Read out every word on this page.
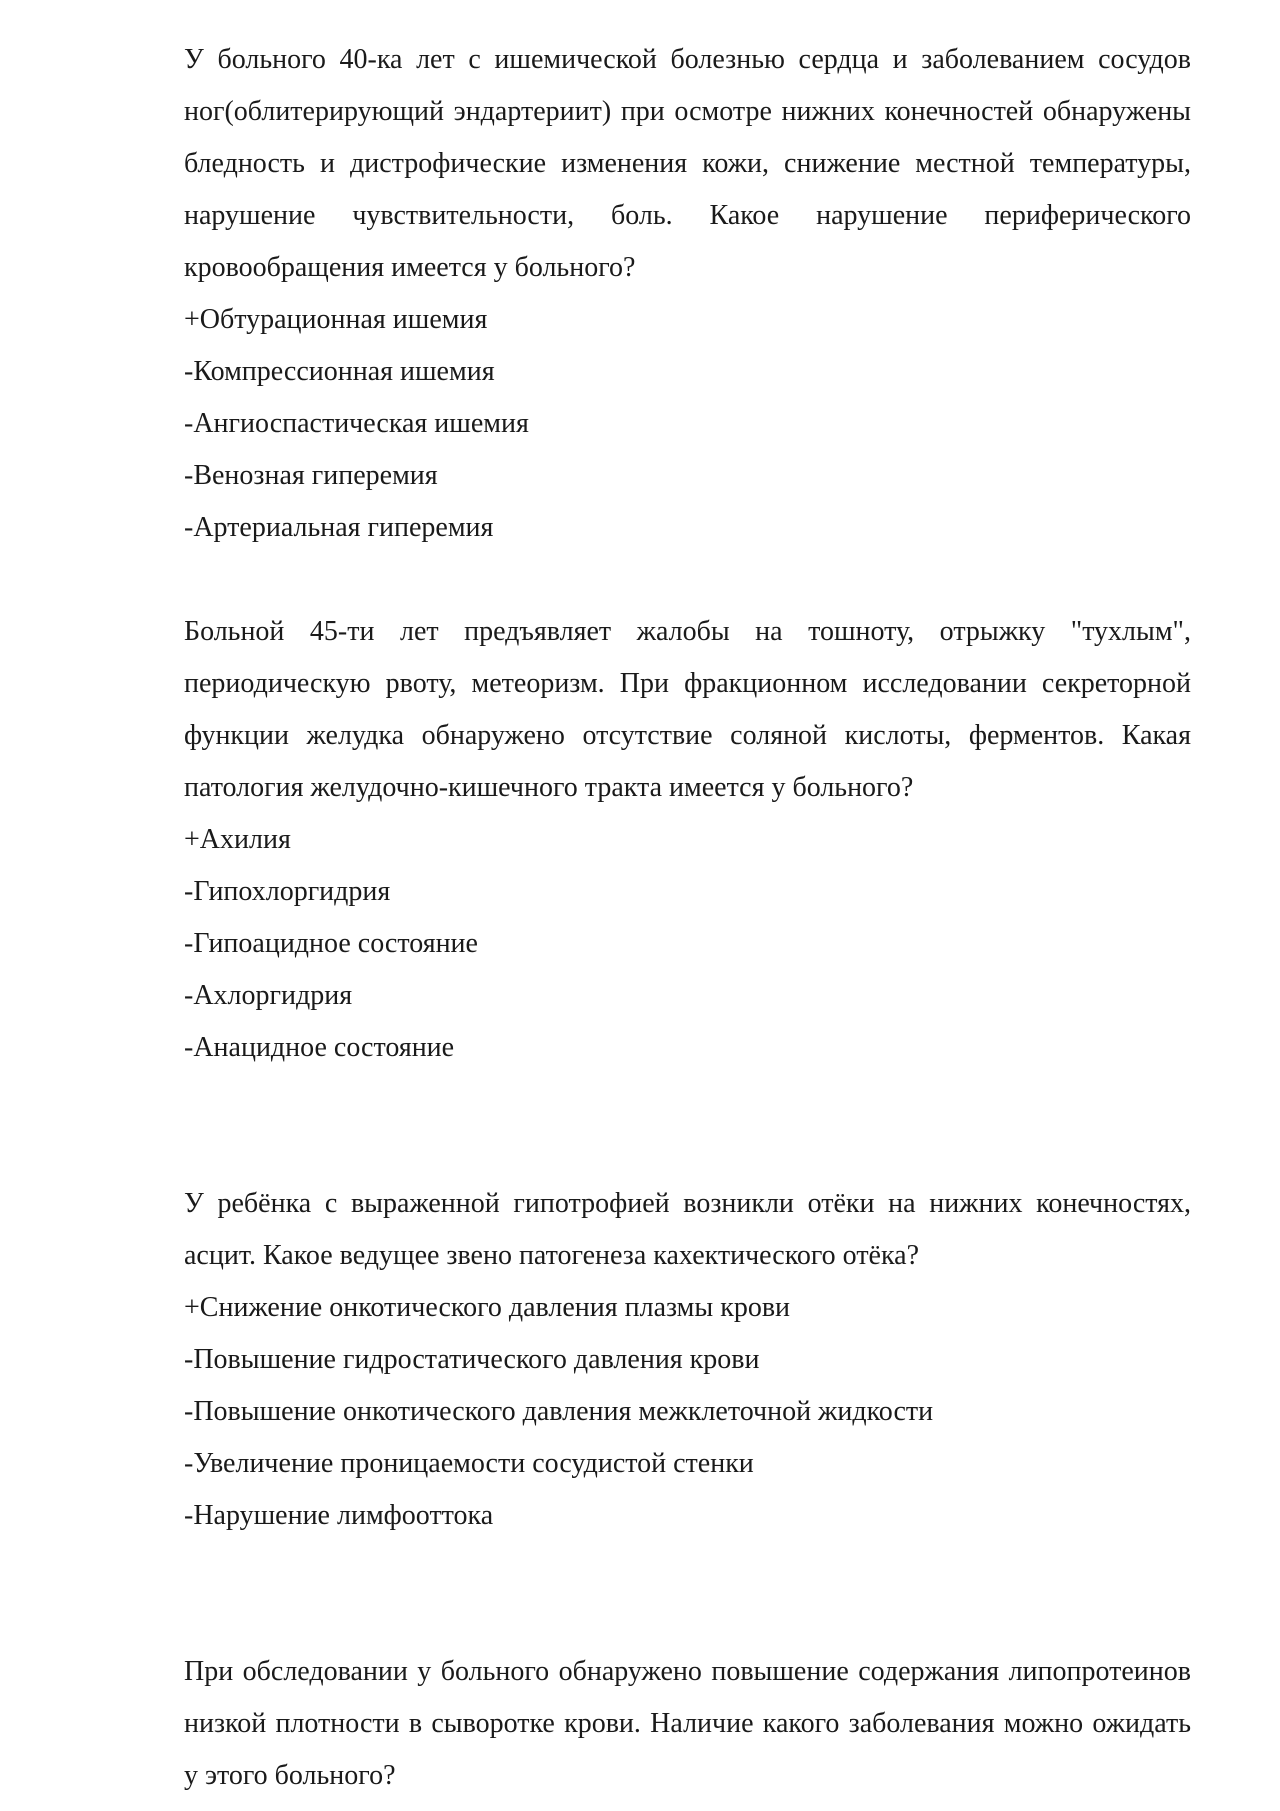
У больного 40-ка лет с ишемической болезнью сердца и заболеванием сосудов ног(облитерирующий эндартериит) при осмотре нижних конечностей обнаружены бледность и дистрофические изменения кожи, снижение местной температуры, нарушение чувствительности, боль. Какое нарушение периферического кровообращения имеется у больного?

+Обтурационная ишемия

-Компрессионная ишемия

-Ангиоспастическая ишемия

-Венозная гиперемия

-Артериальная гиперемия

Больной 45-ти лет предъявляет жалобы на тошноту, отрыжку "тухлым", периодическую рвоту, метеоризм. При фракционном исследовании секреторной функции желудка обнаружено отсутствие соляной кислоты, ферментов. Какая патология желудочно-кишечного тракта имеется у больного?

+Ахилия

-Гипохлоргидрия

-Гипоацидное состояние

-Ахлоргидрия

-Анацидное состояние

У ребёнка с выраженной гипотрофией возникли отёки на нижних конечностях, асцит. Какое ведущее звено патогенеза кахектического отёка?

+Снижение онкотического давления плазмы крови

-Повышение гидростатического давления крови

-Повышение онкотического давления межклеточной жидкости

-Увеличение проницаемости сосудистой стенки

-Нарушение лимфооттока

При обследовании у больного обнаружено повышение содержания липопротеинов низкой плотности в сыворотке крови. Наличие какого заболевания можно ожидать у этого больного?
